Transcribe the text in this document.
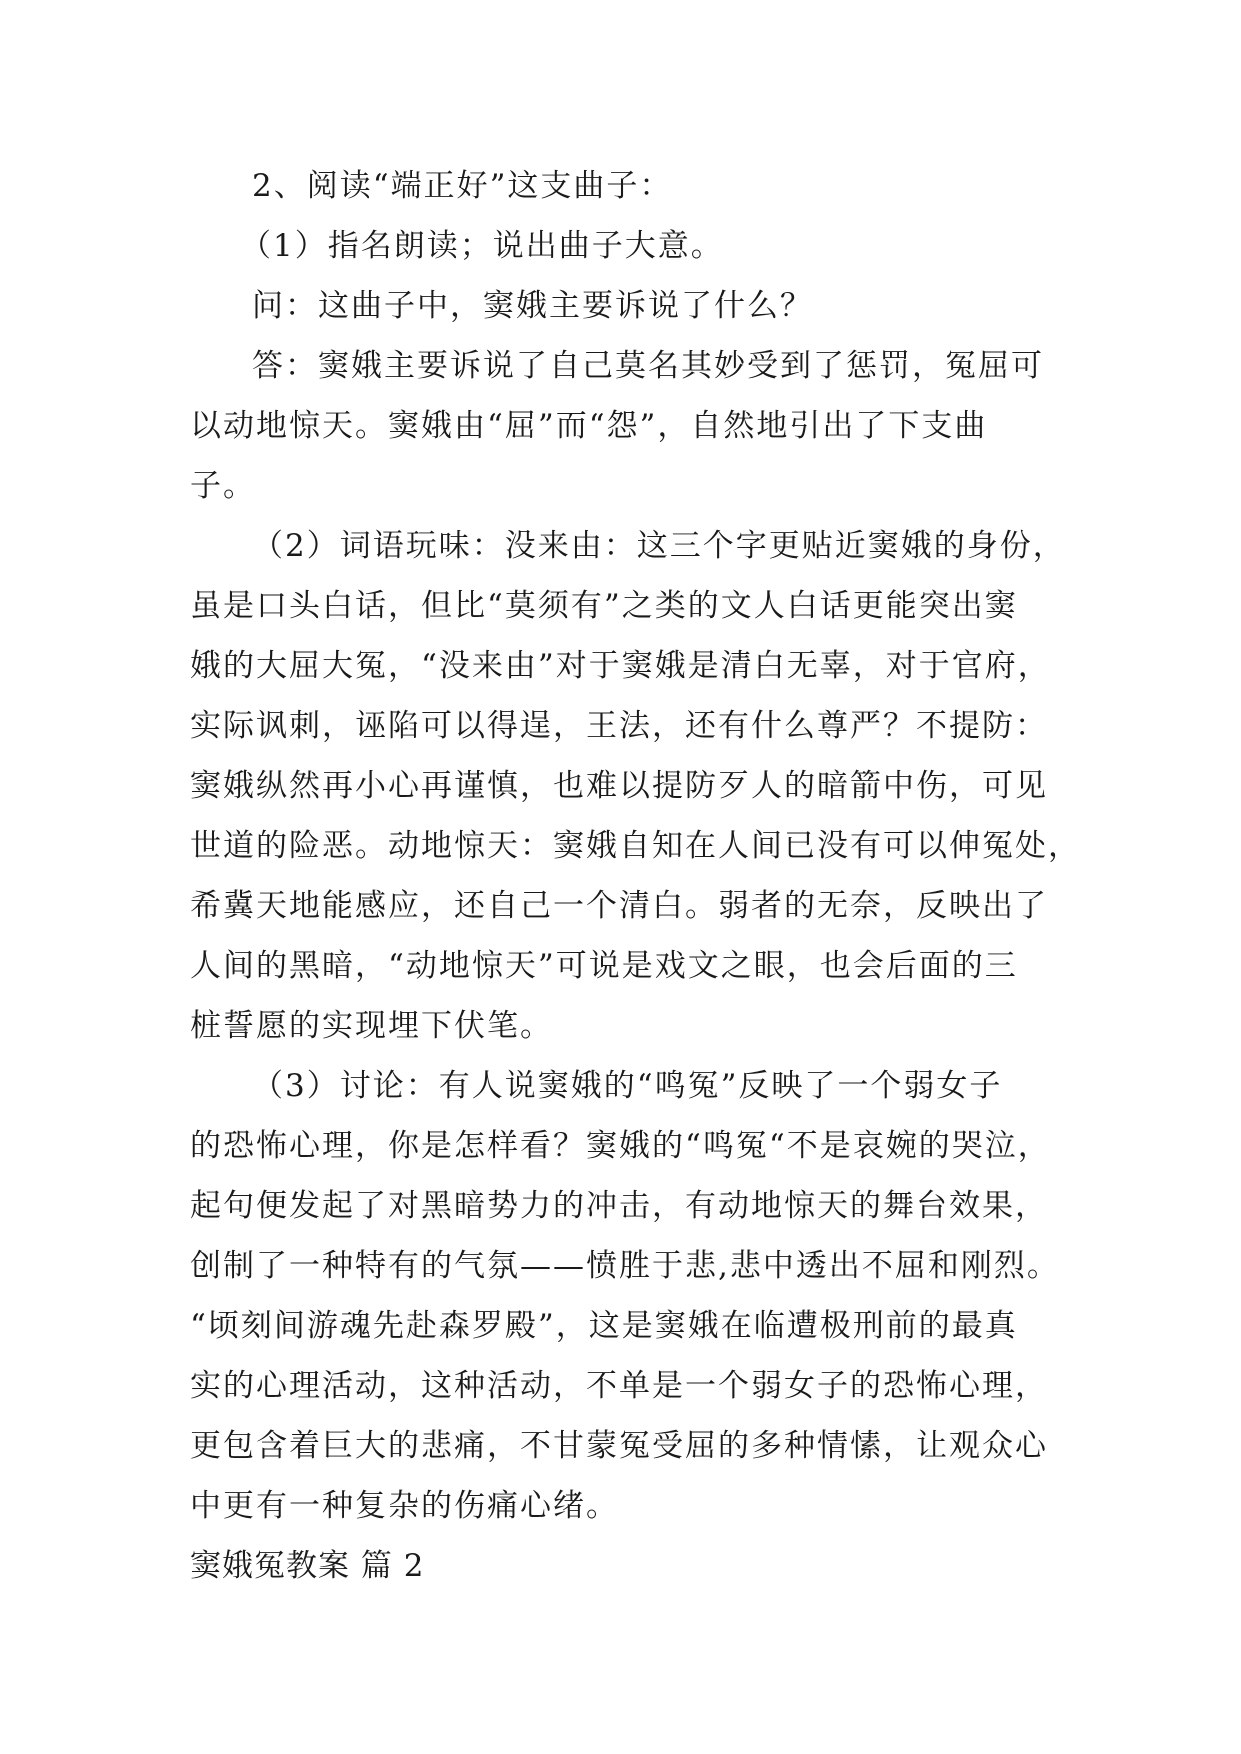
2、阅读“端正好”这支曲子：
（1）指名朗读；说出曲子大意。
问：这曲子中，窦娥主要诉说了什么？
答：窦娥主要诉说了自己莫名其妙受到了惩罚，冤屈可
以动地惊天。窦娥由“屈”而“怨”，自然地引出了下支曲
子。
（2）词语玩味：没来由：这三个字更贴近窦娥的身份，
虽是口头白话，但比“莫须有”之类的文人白话更能突出窦
娥的大屈大冤，“没来由”对于窦娥是清白无辜，对于官府，
实际讽刺，诬陷可以得逞，王法，还有什么尊严？不提防：
窦娥纵然再小心再谨慎，也难以提防歹人的暗箭中伤，可见
世道的险恶。动地惊天：窦娥自知在人间已没有可以伸冤处，
希冀天地能感应，还自己一个清白。弱者的无奈，反映出了
人间的黑暗，“动地惊天”可说是戏文之眼，也会后面的三
桩誓愿的实现埋下伏笔。
（3）讨论：有人说窦娥的“鸣冤”反映了一个弱女子
的恐怖心理，你是怎样看？窦娥的“鸣冤“不是哀婉的哭泣，
起句便发起了对黑暗势力的冲击，有动地惊天的舞台效果，
创制了一种特有的气氛——愤胜于悲,悲中透出不屈和刚烈。
“顷刻间游魂先赴森罗殿”，这是窦娥在临遭极刑前的最真
实的心理活动，这种活动，不单是一个弱女子的恐怖心理，
更包含着巨大的悲痛，不甘蒙冤受屈的多种情愫，让观众心
中更有一种复杂的伤痛心绪。
窦娥冤教案 篇 2
